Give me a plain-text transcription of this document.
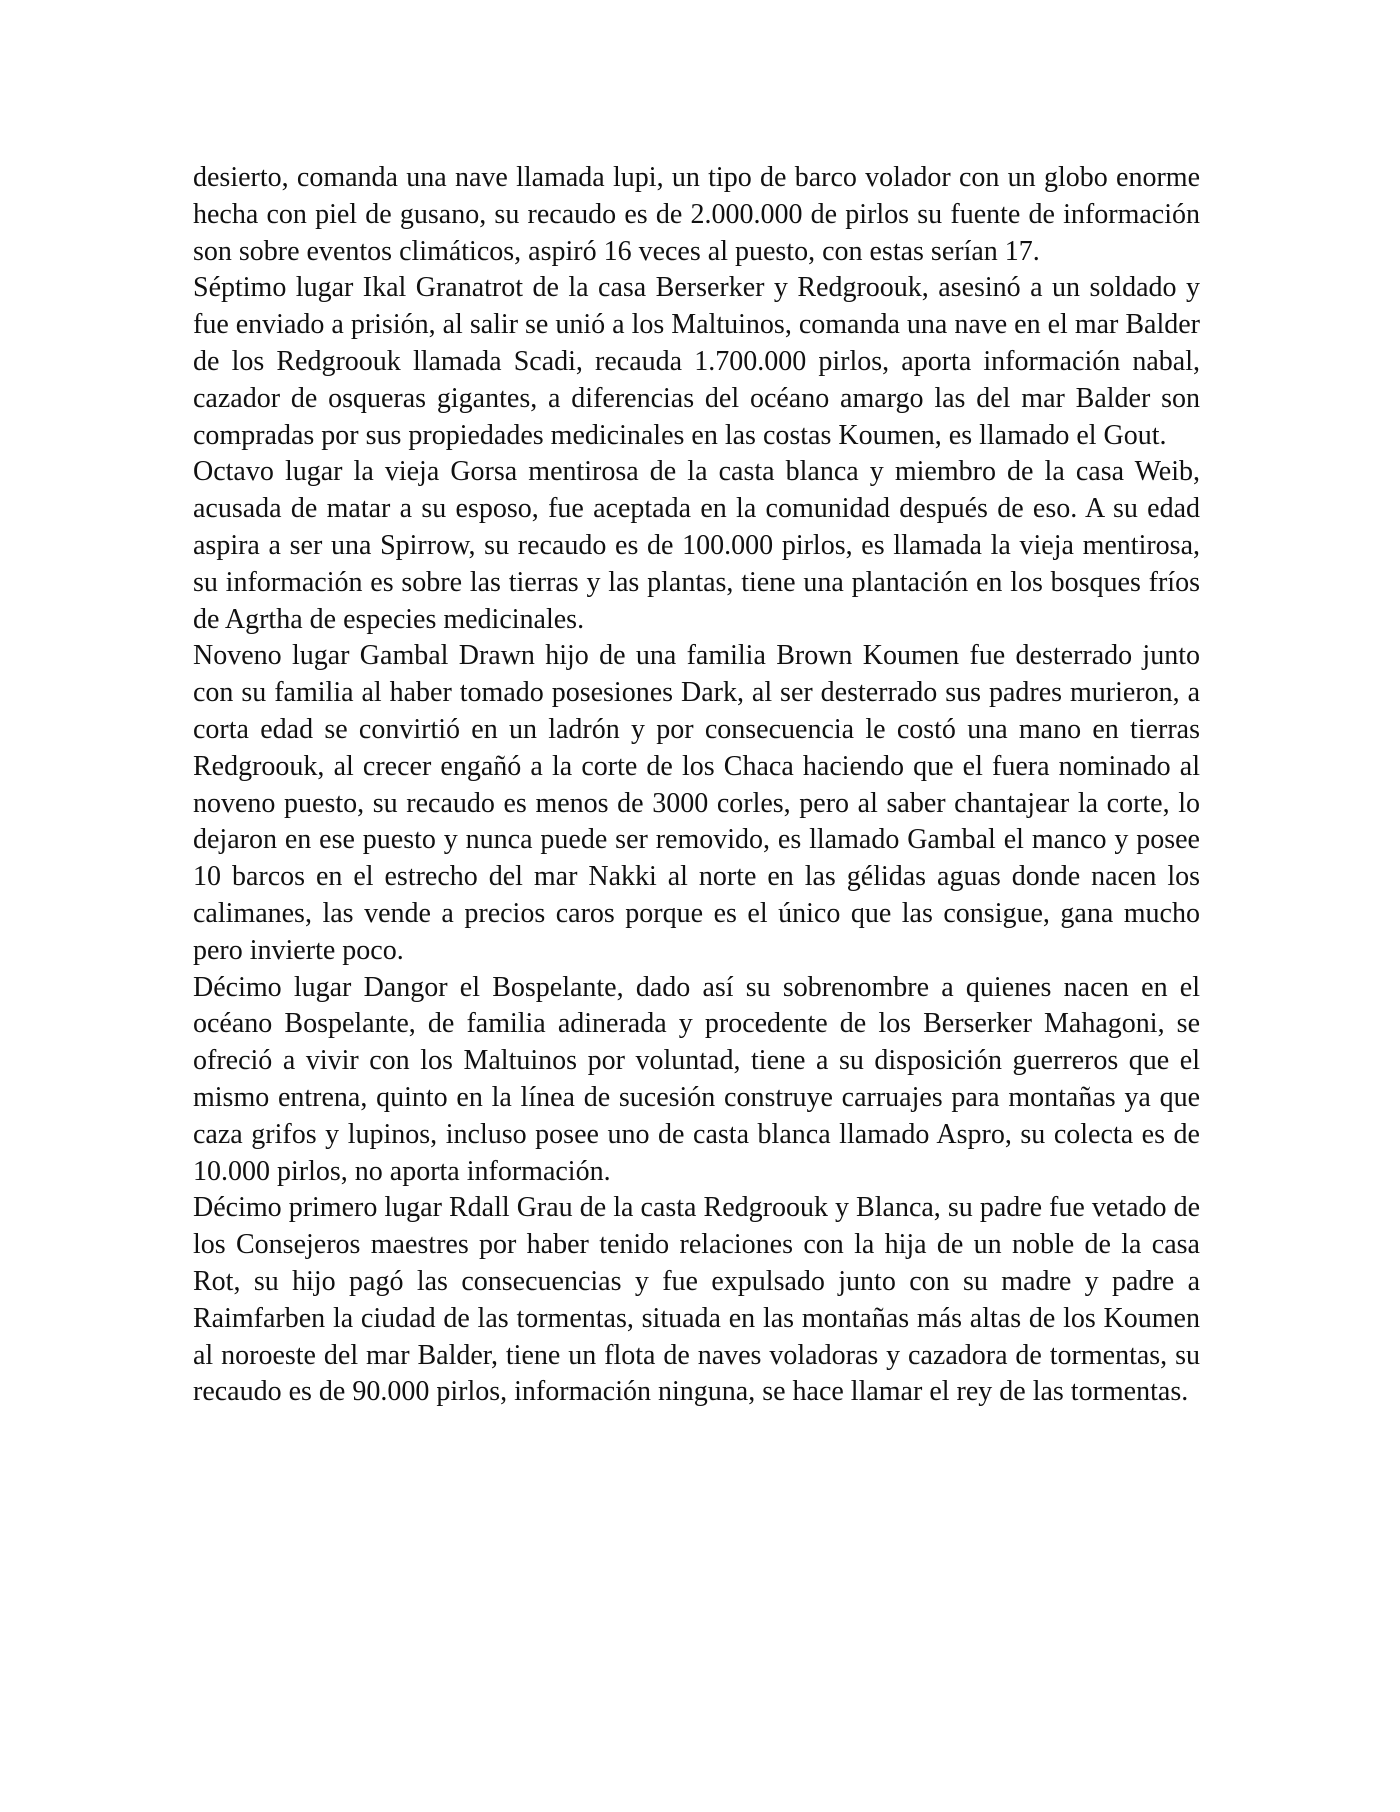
desierto, comanda una nave llamada lupi, un tipo de barco volador con un globo enorme hecha con piel de gusano, su recaudo es de 2.000.000 de pirlos su fuente de información son sobre eventos climáticos, aspiró 16 veces al puesto, con estas serían 17.

Séptimo lugar Ikal Granatrot de la casa Berserker y Redgroouk, asesinó a un soldado y fue enviado a prisión, al salir se unió a los Maltuinos, comanda una nave en el mar Balder de los Redgroouk llamada Scadi, recauda 1.700.000 pirlos, aporta información nabal, cazador de osqueras gigantes, a diferencias del océano amargo las del mar Balder son compradas por sus propiedades medicinales en las costas Koumen, es llamado el Gout.

Octavo lugar la vieja Gorsa mentirosa de la casta blanca y miembro de la casa Weib, acusada de matar a su esposo, fue aceptada en la comunidad después de eso. A su edad aspira a ser una Spirrow, su recaudo es de 100.000 pirlos, es llamada la vieja mentirosa, su información es sobre las tierras y las plantas, tiene una plantación en los bosques fríos de Agrtha de especies medicinales.

Noveno lugar Gambal Drawn hijo de una familia Brown Koumen fue desterrado junto con su familia al haber tomado posesiones Dark, al ser desterrado sus padres murieron, a corta edad se convirtió en un ladrón y por consecuencia le costó una mano en tierras Redgroouk, al crecer engañó a la corte de los Chaca haciendo que el fuera nominado al noveno puesto, su recaudo es menos de 3000 corles, pero al saber chantajear la corte, lo dejaron en ese puesto y nunca puede ser removido, es llamado Gambal el manco y posee 10 barcos en el estrecho del mar Nakki al norte en las gélidas aguas donde nacen los calimanes, las vende a precios caros porque es el único que las consigue, gana mucho pero invierte poco.

Décimo lugar Dangor el Bospelante, dado así su sobrenombre a quienes nacen en el océano Bospelante, de familia adinerada y procedente de los Berserker Mahagoni, se ofreció a vivir con los Maltuinos por voluntad, tiene a su disposición guerreros que el mismo entrena, quinto en la línea de sucesión construye carruajes para montañas ya que caza grifos y lupinos, incluso posee uno de casta blanca llamado Aspro, su colecta es de 10.000 pirlos, no aporta información.

Décimo primero lugar Rdall Grau de la casta Redgroouk y Blanca, su padre fue vetado de los Consejeros maestres por haber tenido relaciones con la hija de un noble de la casa Rot, su hijo pagó las consecuencias y fue expulsado junto con su madre y padre a Raimfarben la ciudad de las tormentas, situada en las montañas más altas de los Koumen al noroeste del mar Balder, tiene un flota de naves voladoras y cazadora de tormentas, su recaudo es de 90.000 pirlos, información ninguna, se hace llamar el rey de las tormentas.
